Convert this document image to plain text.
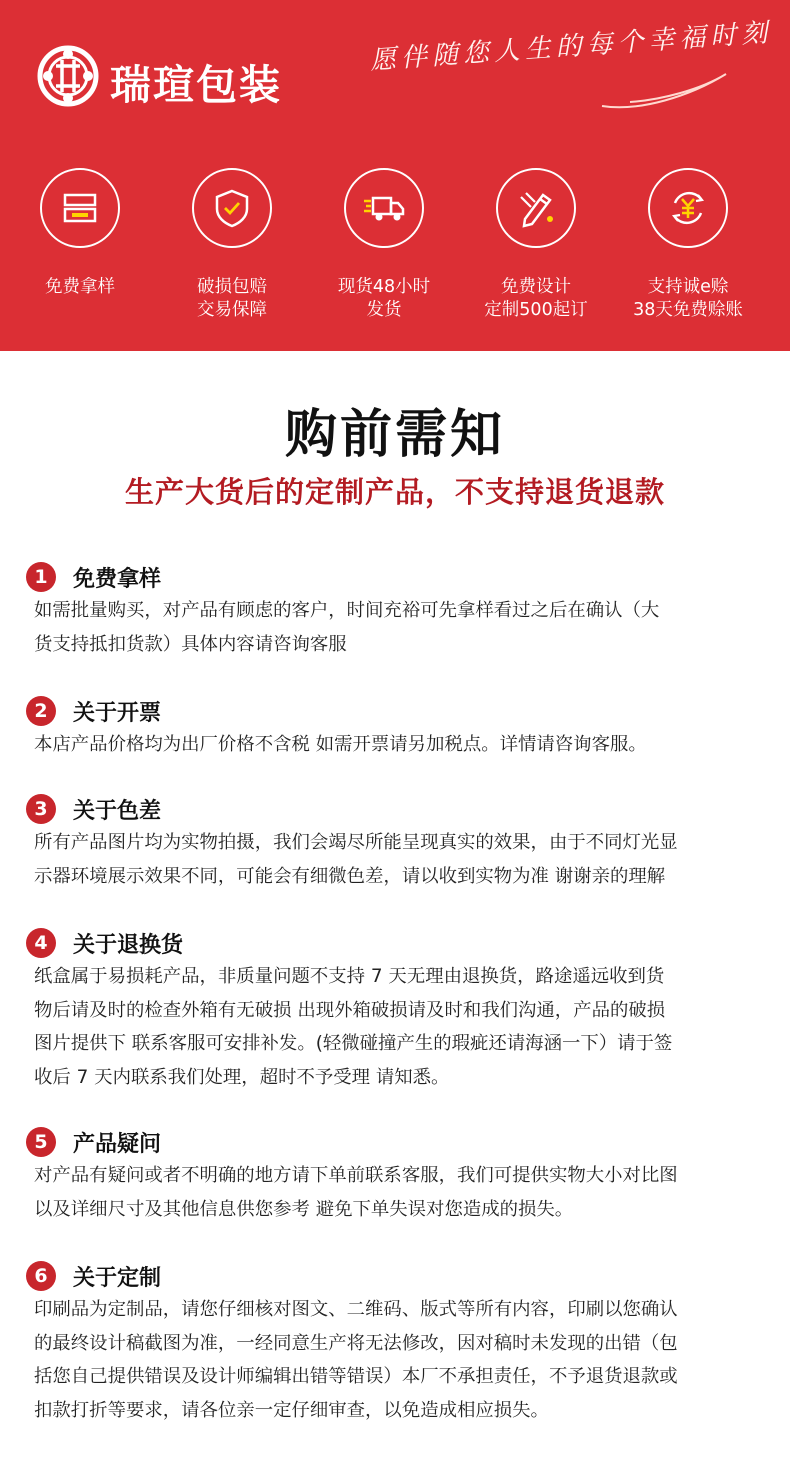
瑞瑄包装
愿伴随您人生的每个幸福时刻
免费拿样	破损包赔
交易保障
现货48小时
发货
免费设计
定制500起订
支持诚e赊
38天免费赊账
购前需知
生产大货后的定制产品，不支持退货退款
1	免费拿样
如需批量购买，对产品有顾虑的客户，时间充裕可先拿样看过之后在确认（大
货支持抵扣货款）具体内容请咨询客服
2	关于开票
本店产品价格均为出厂价格不含税 如需开票请另加税点。详情请咨询客服。
3	关于色差
所有产品图片均为实物拍摄，我们会竭尽所能呈现真实的效果，由于不同灯光显
示器环境展示效果不同，可能会有细微色差，请以收到实物为准 谢谢亲的理解
4	关于退换货
纸盒属于易损耗产品，非质量问题不支持 7 天无理由退换货，路途遥远收到货
物后请及时的检查外箱有无破损 出现外箱破损请及时和我们沟通，产品的破损
图片提供下 联系客服可安排补发。(轻微碰撞产生的瑕疵还请海涵一下）请于签
收后 7 天内联系我们处理，超时不予受理 请知悉。
5	产品疑问
对产品有疑问或者不明确的地方请下单前联系客服，我们可提供实物大小对比图
以及详细尺寸及其他信息供您参考 避免下单失误对您造成的损失。
6	关于定制
印刷品为定制品，请您仔细核对图文、二维码、版式等所有内容，印刷以您确认
的最终设计稿截图为准，一经同意生产将无法修改，因对稿时未发现的出错（包
括您自己提供错误及设计师编辑出错等错误）本厂不承担责任，不予退货退款或
扣款打折等要求，请各位亲一定仔细审查，以免造成相应损失。
